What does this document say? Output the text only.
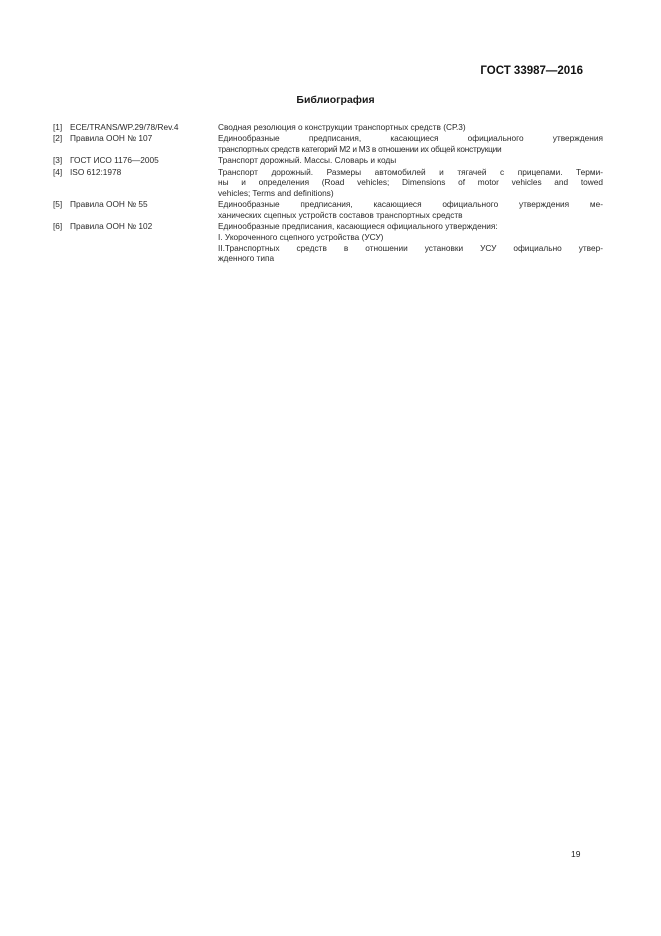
ГОСТ 33987—2016
Библиография
[1] ECE/TRANS/WP.29/78/Rev.4	Сводная резолюция о конструкции транспортных средств (СР.3)
[2] Правила ООН № 107	Единообразные предписания, касающиеся официального утверждения
транспортных средств категорий М2 и М3 в отношении их общей конструкции
[3] ГОСТ ИСО 1176—2005	Транспорт дорожный. Массы. Словарь и коды
[4] ISO 612:1978	Транспорт дорожный. Размеры автомобилей и тягачей с прицепами. Терми-
ны и определения (Road vehicles; Dimensions of motor vehicles and towed
vehicles; Terms and definitions)
[5] Правила ООН № 55	Единообразные предписания, касающиеся официального утверждения ме-
ханических сцепных устройств составов транспортных средств
[6] Правила ООН № 102	Единообразные предписания, касающиеся официального утверждения:
I. Укороченного сцепного устройства (УСУ)
II.Транспортных средств в отношении установки УСУ официально утвер-
жденного типа
19
